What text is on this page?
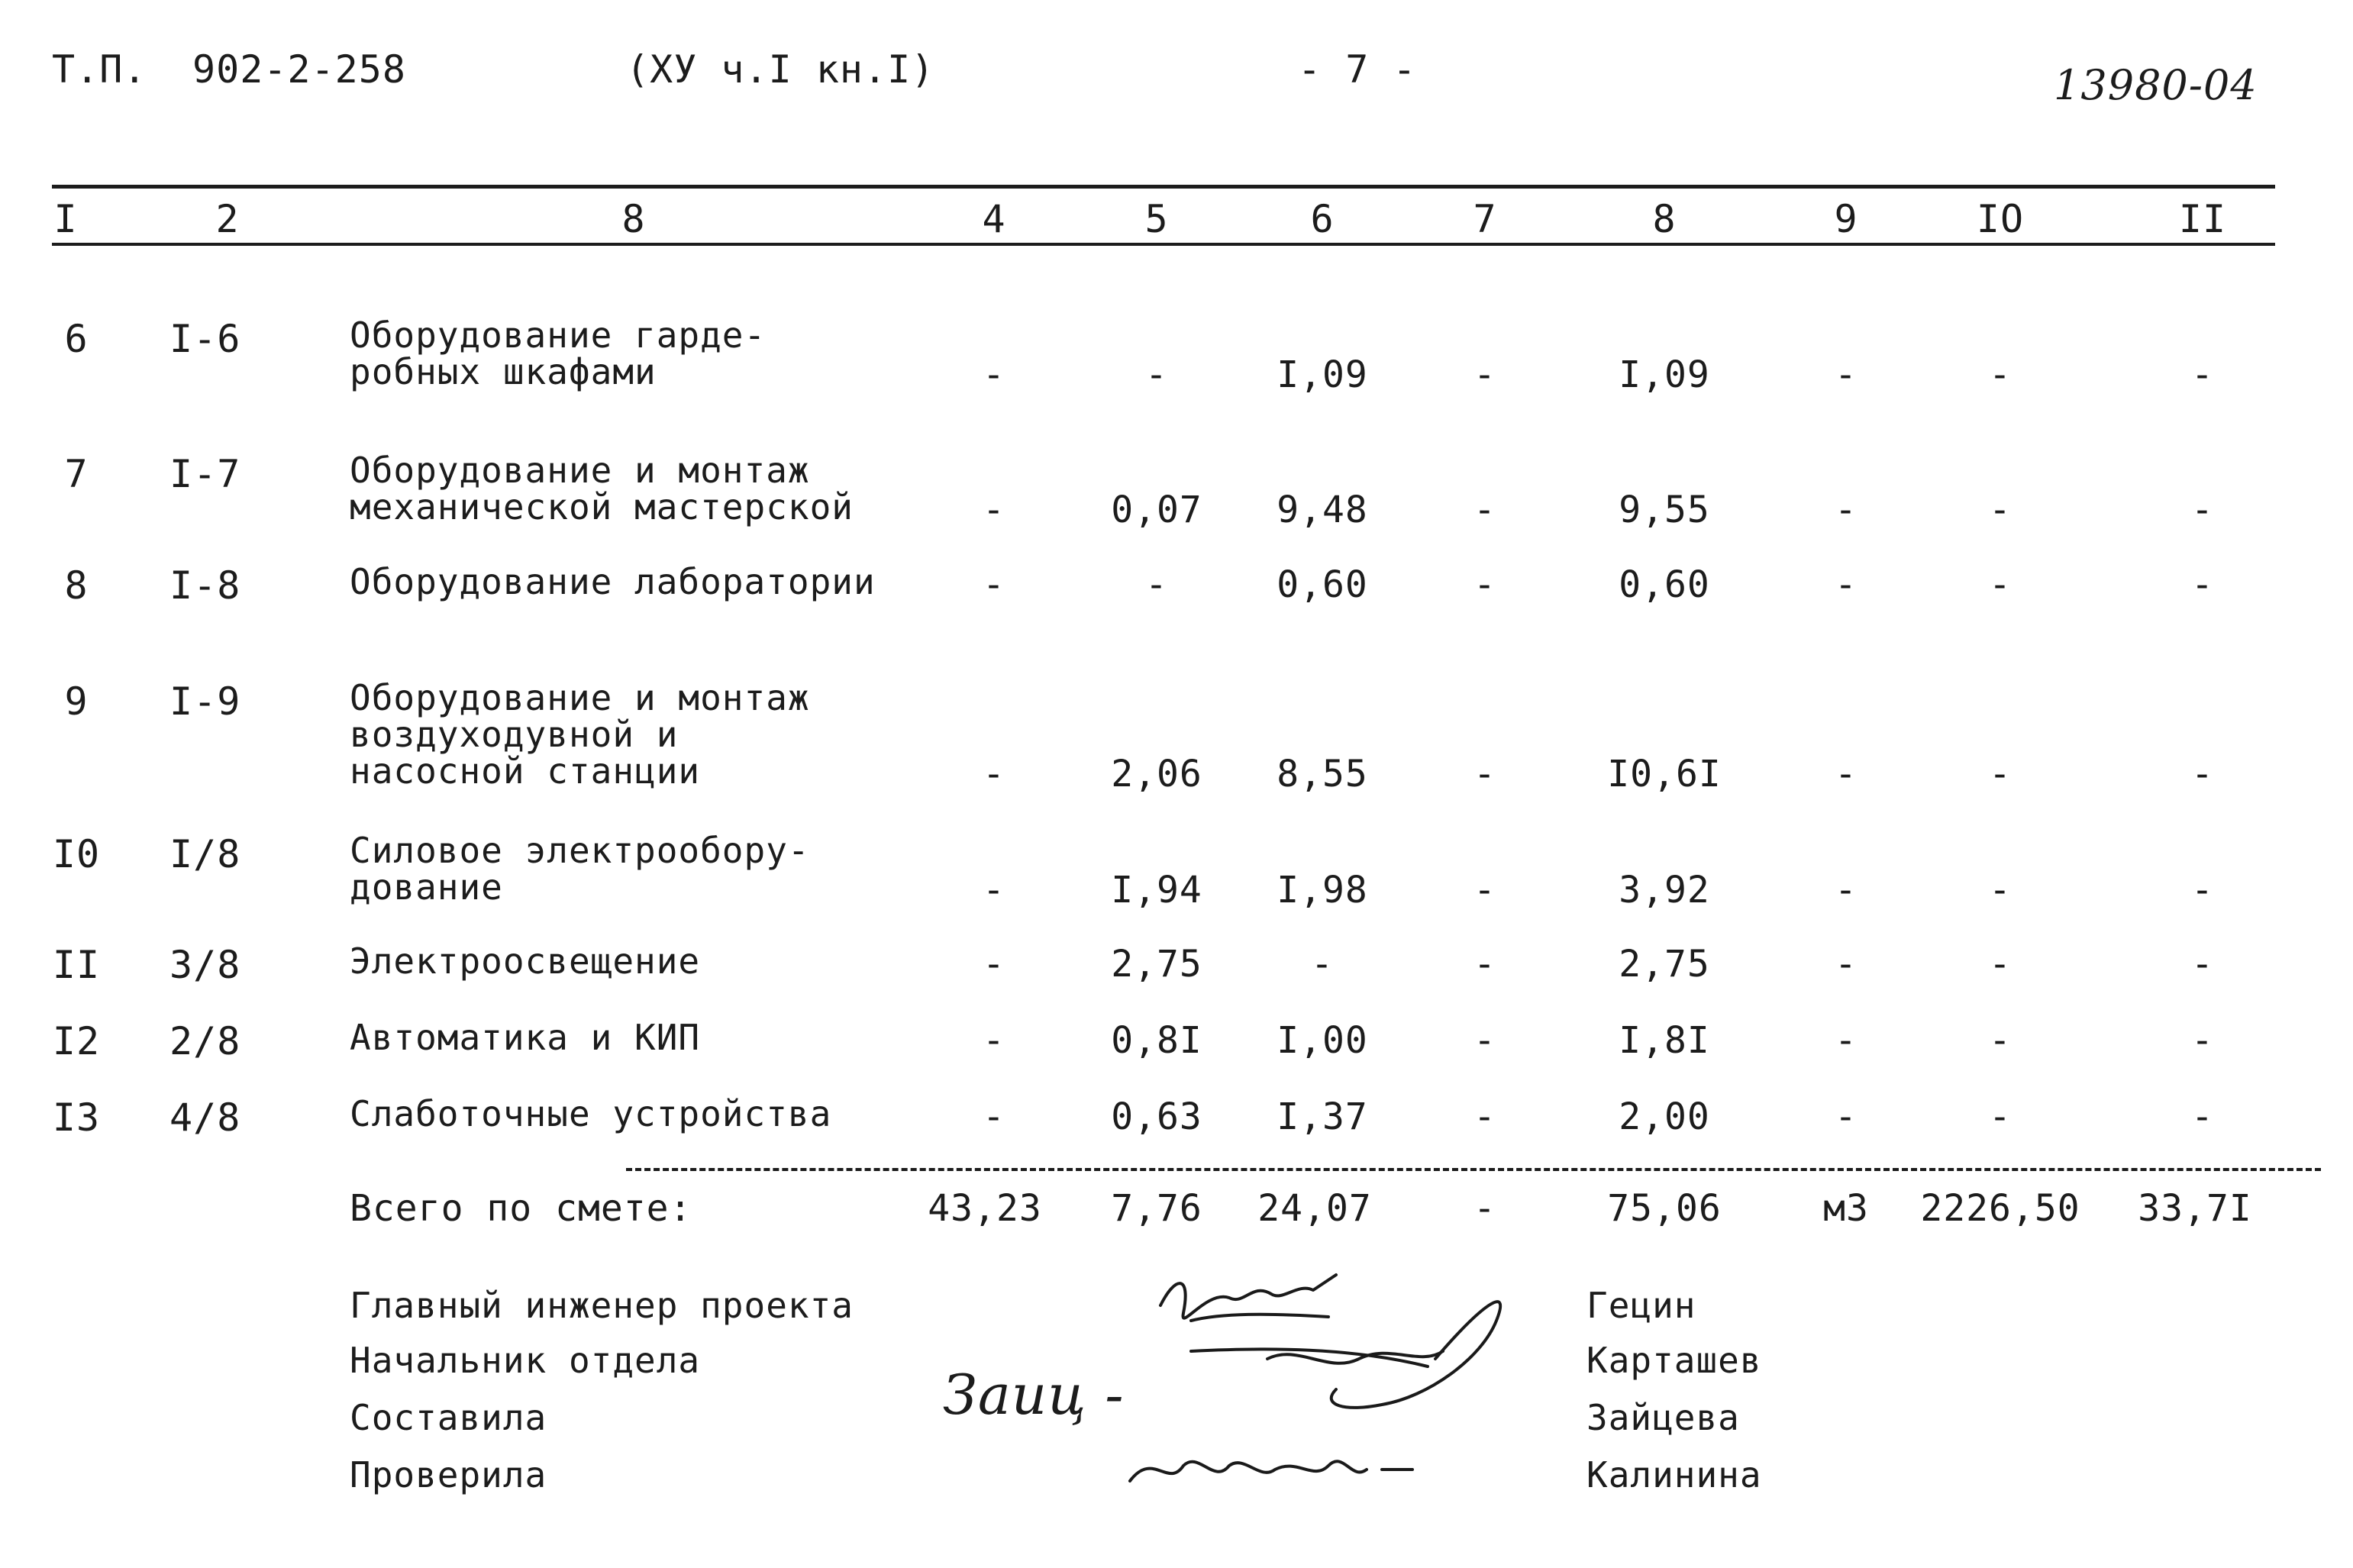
Т.П. 902-2-258	(ХУ ч.I кн.I)	- 7 -	13980-04
I	2	8	4	5	6	7	8	9	IO	II
6 I-6	Оборудование гарде-
робных шкафами	-	-	I,09	-	I,09	-	-	-
7 I-7	Оборудование и монтаж
механической мастерской	-	0,07 9,48	-	9,55	-	-	-
8 I-8	Оборудование лаборатории	-	-	0,60	-	0,60	-	-	-
9 I-9	Оборудование и монтаж
воздуходувной и
насосной станции	-	2,06 8,55	-	I0,6I	-	-	-
I0 I/8	Силовое электрообору-
дование	-	I,94 I,98	-	3,92	-	-	-
II 3/8	Электроосвещение	-	2,75	-	-	2,75	-	-	-
I2 2/8	Автоматика и КИП	-	0,8I I,00	-	I,8I	-	-	-
I3 4/8	Слаботочные устройства	-	0,63 I,37	-	2,00	-	-	-
Всего по смете:	43,23 7,76 24,07	-	75,06	м3 2226,50 33,7I
Главный инженер проекта	Гецин
Начальник отдела	Карташев
Составила	Зайцева
Проверила	Калинина
Заиц -
